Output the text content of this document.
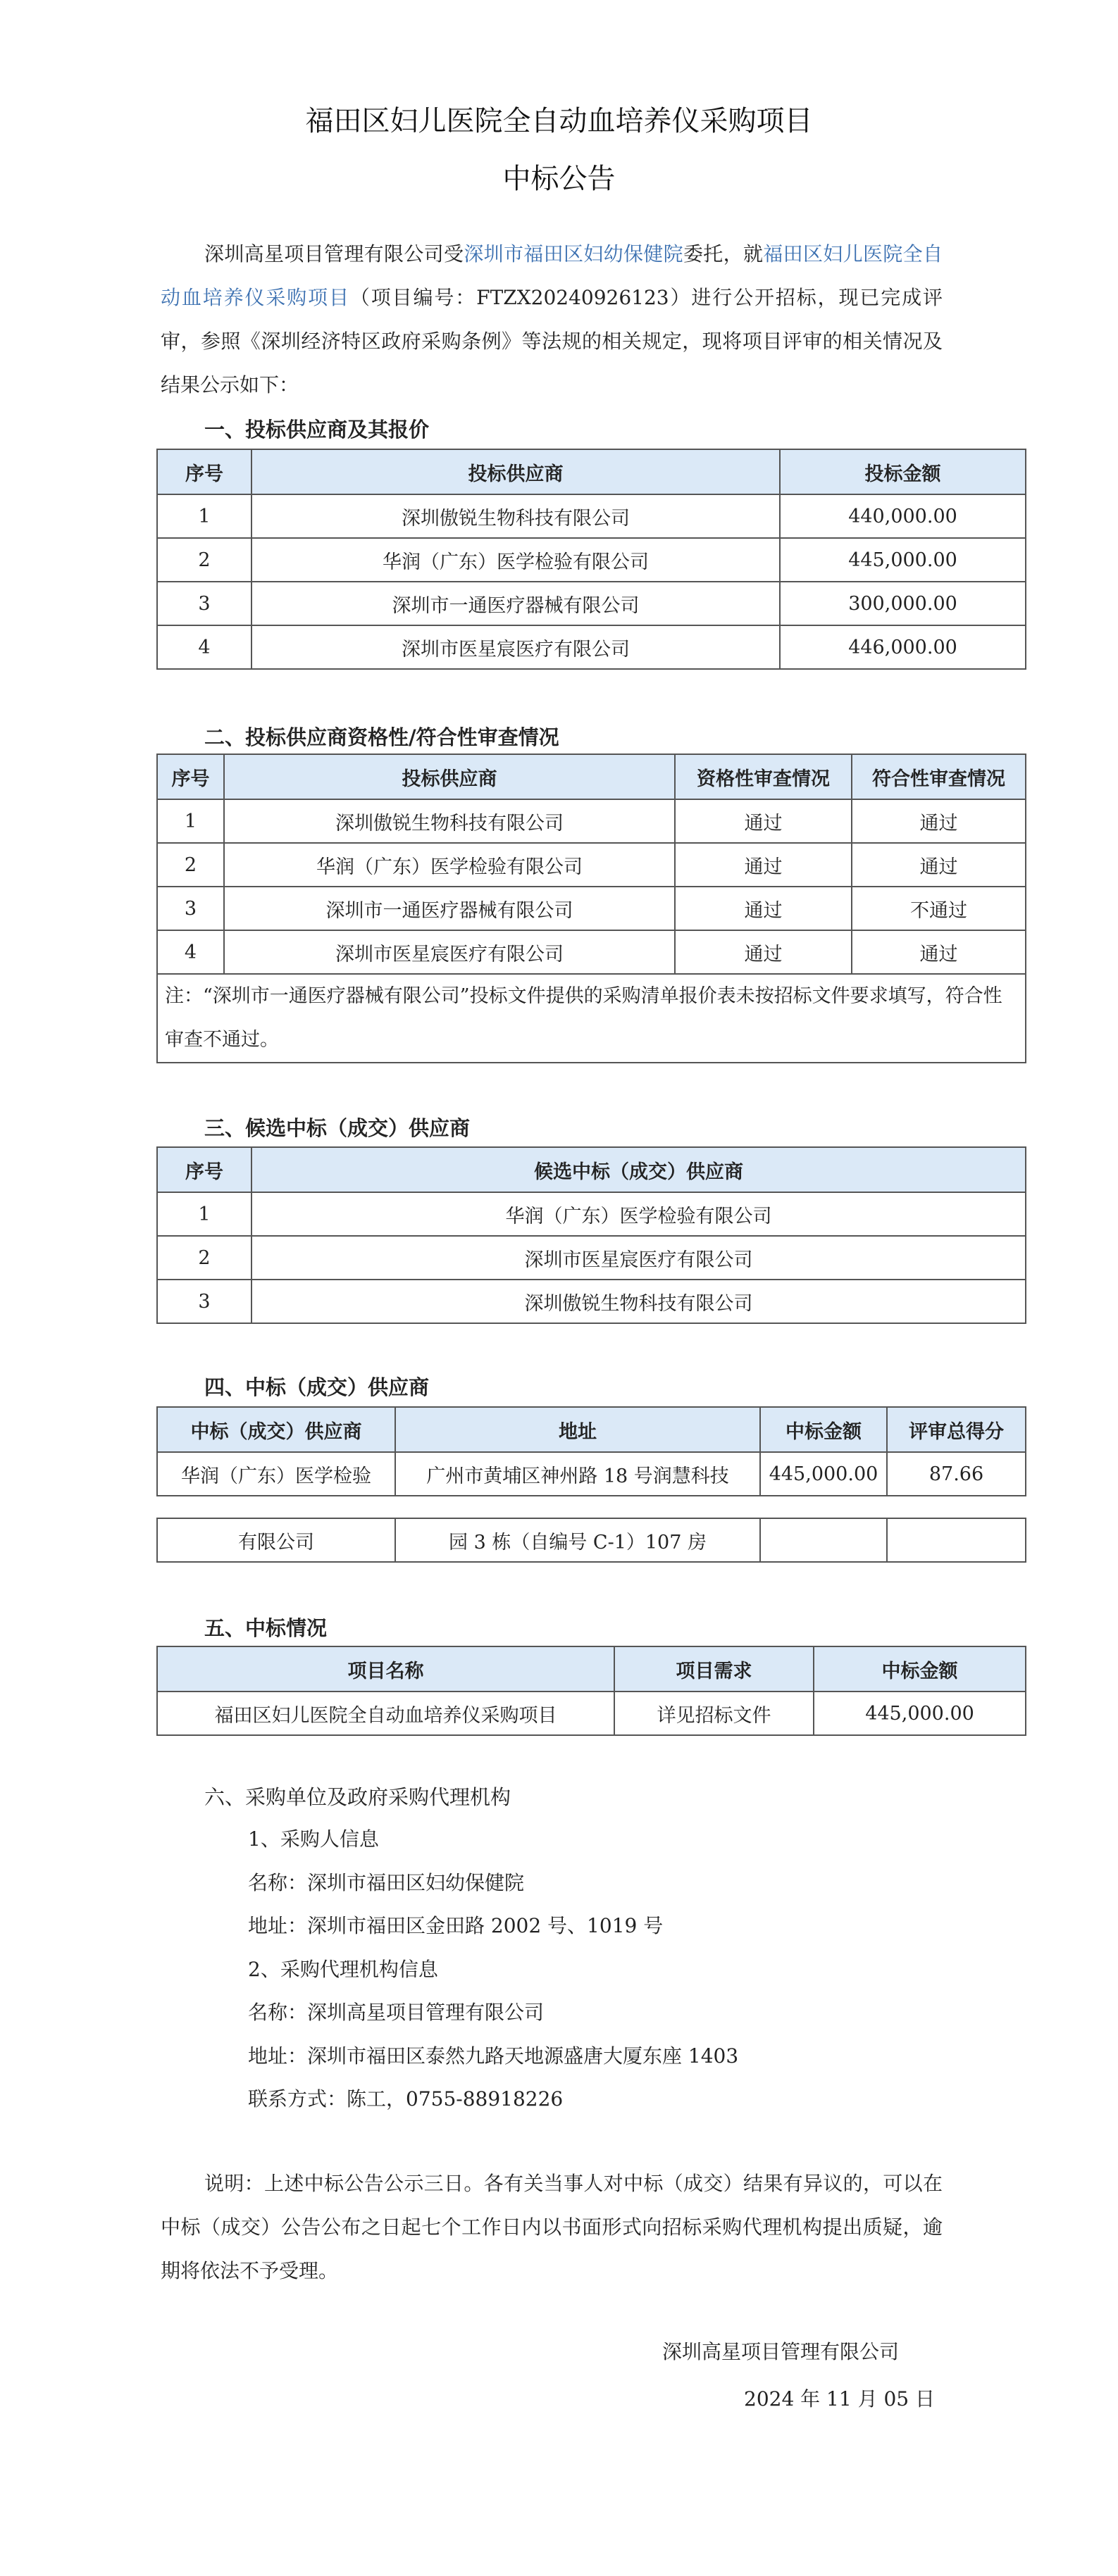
福田区妇儿医院全自动血培养仪采购项目
中标公告
深圳高星项目管理有限公司受深圳市福田区妇幼保健院委托，就福田区妇儿医院全自动血培养仪采购项目（项目编号：FTZX20240926123）进行公开招标，现已完成评审，参照《深圳经济特区政府采购条例》等法规的相关规定，现将项目评审的相关情况及结果公示如下：
一、投标供应商及其报价
序号	投标供应商	投标金额
1	深圳傲锐生物科技有限公司	440,000.00
2	华润（广东）医学检验有限公司	445,000.00
3	深圳市一通医疗器械有限公司	300,000.00
4	深圳市医星宸医疗有限公司	446,000.00
二、投标供应商资格性/符合性审查情况
序号	投标供应商	资格性审查情况	符合性审查情况
1	深圳傲锐生物科技有限公司	通过	通过
2	华润（广东）医学检验有限公司	通过	通过
3	深圳市一通医疗器械有限公司	通过	不通过
4	深圳市医星宸医疗有限公司	通过	通过
注：“深圳市一通医疗器械有限公司”投标文件提供的采购清单报价表未按招标文件要求填写，符合性审查不通过。			
三、候选中标（成交）供应商
序号	候选中标（成交）供应商
1	华润（广东）医学检验有限公司
2	深圳市医星宸医疗有限公司
3	深圳傲锐生物科技有限公司
四、中标（成交）供应商
中标（成交）供应商	地址	中标金额	评审总得分
华润（广东）医学检验	广州市黄埔区神州路 18 号润慧科技	445,000.00	87.66
有限公司	园 3 栋（自编号 C-1）107 房		
五、中标情况
项目名称	项目需求	中标金额
福田区妇儿医院全自动血培养仪采购项目	详见招标文件	445,000.00
六、采购单位及政府采购代理机构
1、采购人信息
名称：深圳市福田区妇幼保健院
地址：深圳市福田区金田路 2002 号、1019 号
2、采购代理机构信息
名称：深圳高星项目管理有限公司
地址：深圳市福田区泰然九路天地源盛唐大厦东座 1403
联系方式：陈工，0755-88918226
说明：上述中标公告公示三日。各有关当事人对中标（成交）结果有异议的，可以在中标（成交）公告公布之日起七个工作日内以书面形式向招标采购代理机构提出质疑，逾期将依法不予受理。
深圳高星项目管理有限公司
2024 年 11 月 05 日
